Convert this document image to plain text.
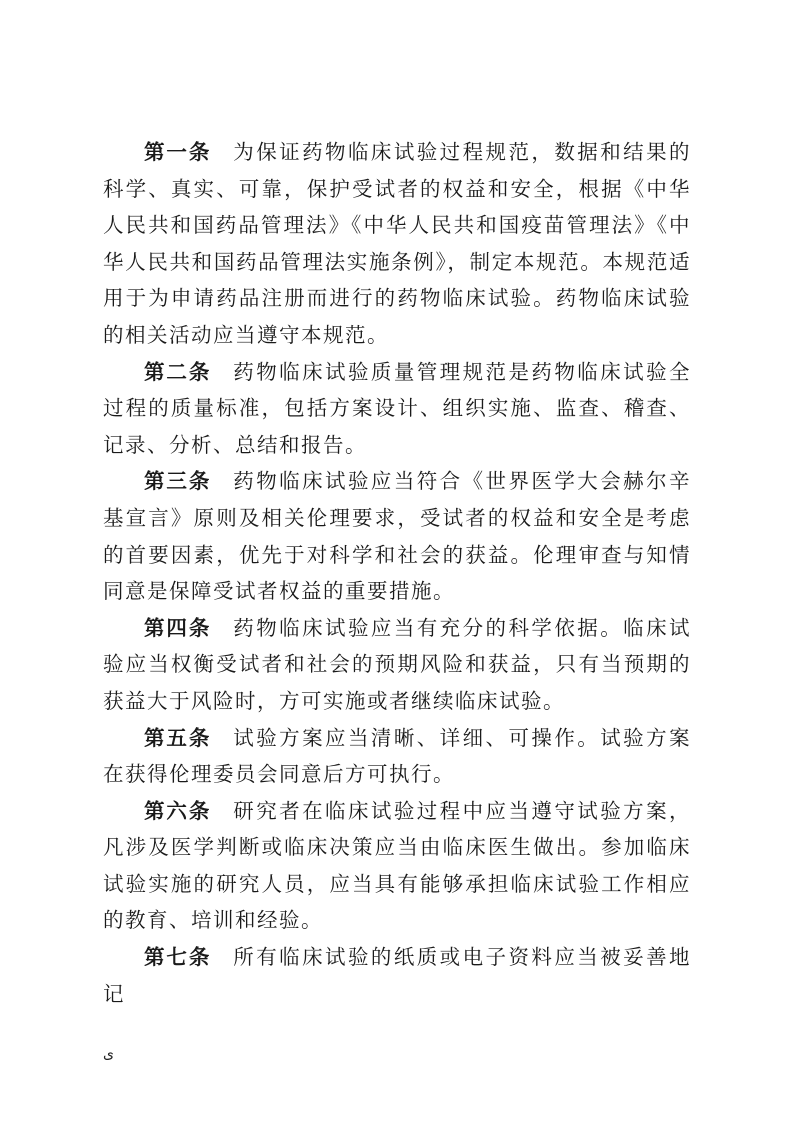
第一条 为保证药物临床试验过程规范，数据和结果的科学、真实、可靠，保护受试者的权益和安全，根据《中华人民共和国药品管理法》《中华人民共和国疫苗管理法》《中华人民共和国药品管理法实施条例》，制定本规范。本规范适用于为申请药品注册而进行的药物临床试验。药物临床试验的相关活动应当遵守本规范。

第二条 药物临床试验质量管理规范是药物临床试验全过程的质量标准，包括方案设计、组织实施、监查、稽查、记录、分析、总结和报告。

第三条 药物临床试验应当符合《世界医学大会赫尔辛基宣言》原则及相关伦理要求，受试者的权益和安全是考虑的首要因素，优先于对科学和社会的获益。伦理审查与知情同意是保障受试者权益的重要措施。

第四条 药物临床试验应当有充分的科学依据。临床试验应当权衡受试者和社会的预期风险和获益，只有当预期的获益大于风险时，方可实施或者继续临床试验。

第五条 试验方案应当清晰、详细、可操作。试验方案在获得伦理委员会同意后方可执行。

第六条 研究者在临床试验过程中应当遵守试验方案，凡涉及医学判断或临床决策应当由临床医生做出。参加临床试验实施的研究人员，应当具有能够承担临床试验工作相应的教育、培训和经验。

第七条 所有临床试验的纸质或电子资料应当被妥善地记

ى
